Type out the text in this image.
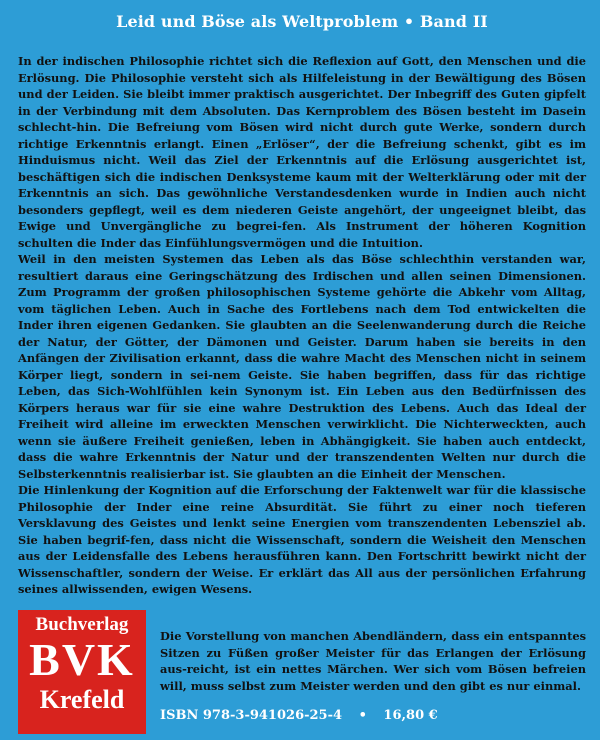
Leid und Böse als Weltproblem • Band II

In der indischen Philosophie richtet sich die Reflexion auf Gott, den Menschen und die Erlösung. Die Philosophie versteht sich als Hilfeleistung in der Bewältigung des Bösen und der Leiden. Sie bleibt immer praktisch ausgerichtet. Der Inbegriff des Guten gipfelt in der Verbindung mit dem Absoluten. Das Kernproblem des Bösen besteht im Dasein schlecht-hin. Die Befreiung vom Bösen wird nicht durch gute Werke, sondern durch richtige Erkenntnis erlangt. Einen „Erlöser“, der die Befreiung schenkt, gibt es im Hinduismus nicht. Weil das Ziel der Erkenntnis auf die Erlösung ausgerichtet ist, beschäftigen sich die indischen Denksysteme kaum mit der Welterklärung oder mit der Erkenntnis an sich. Das gewöhnliche Verstandesdenken wurde in Indien auch nicht besonders gepflegt, weil es dem niederen Geiste angehört, der ungeeignet bleibt, das Ewige und Unvergängliche zu begrei-fen. Als Instrument der höheren Kognition schulten die Inder das Einfühlungsvermögen und die Intuition.

Weil in den meisten Systemen das Leben als das Böse schlechthin verstanden war, resultiert daraus eine Geringschätzung des Irdischen und allen seinen Dimensionen. Zum Programm der großen philosophischen Systeme gehörte die Abkehr vom Alltag, vom täglichen Leben. Auch in Sache des Fortlebens nach dem Tod entwickelten die Inder ihren eigenen Gedanken. Sie glaubten an die Seelenwanderung durch die Reiche der Natur, der Götter, der Dämonen und Geister. Darum haben sie bereits in den Anfängen der Zivilisation erkannt, dass die wahre Macht des Menschen nicht in seinem Körper liegt, sondern in sei-nem Geiste. Sie haben begriffen, dass für das richtige Leben, das Sich-Wohlfühlen kein Synonym ist. Ein Leben aus den Bedürfnissen des Körpers heraus war für sie eine wahre Destruktion des Lebens. Auch das Ideal der Freiheit wird alleine im erweckten Menschen verwirklicht. Die Nichterweckten, auch wenn sie äußere Freiheit genießen, leben in Abhängigkeit. Sie haben auch entdeckt, dass die wahre Erkenntnis der Natur und der transzendenten Welten nur durch die Selbsterkenntnis realisierbar ist. Sie glaubten an die Einheit der Menschen.

Die Hinlenkung der Kognition auf die Erforschung der Faktenwelt war für die klassische Philosophie der Inder eine reine Absurdität. Sie führt zu einer noch tieferen Versklavung des Geistes und lenkt seine Energien vom transzendenten Lebensziel ab. Sie haben begrif-fen, dass nicht die Wissenschaft, sondern die Weisheit den Menschen aus der Leidensfalle des Lebens herausführen kann. Den Fortschritt bewirkt nicht der Wissenschaftler, sondern der Weise. Er erklärt das All aus der persönlichen Erfahrung seines allwissenden, ewigen Wesens.

Buchverlag
BVK
Krefeld

Die Vorstellung von manchen Abendländern, dass ein entspanntes Sitzen zu Füßen großer Meister für das Erlangen der Erlösung aus-reicht, ist ein nettes Märchen. Wer sich vom Bösen befreien will, muss selbst zum Meister werden und den gibt es nur einmal.

ISBN 978-3-941026-25-4 • 16,80 €
